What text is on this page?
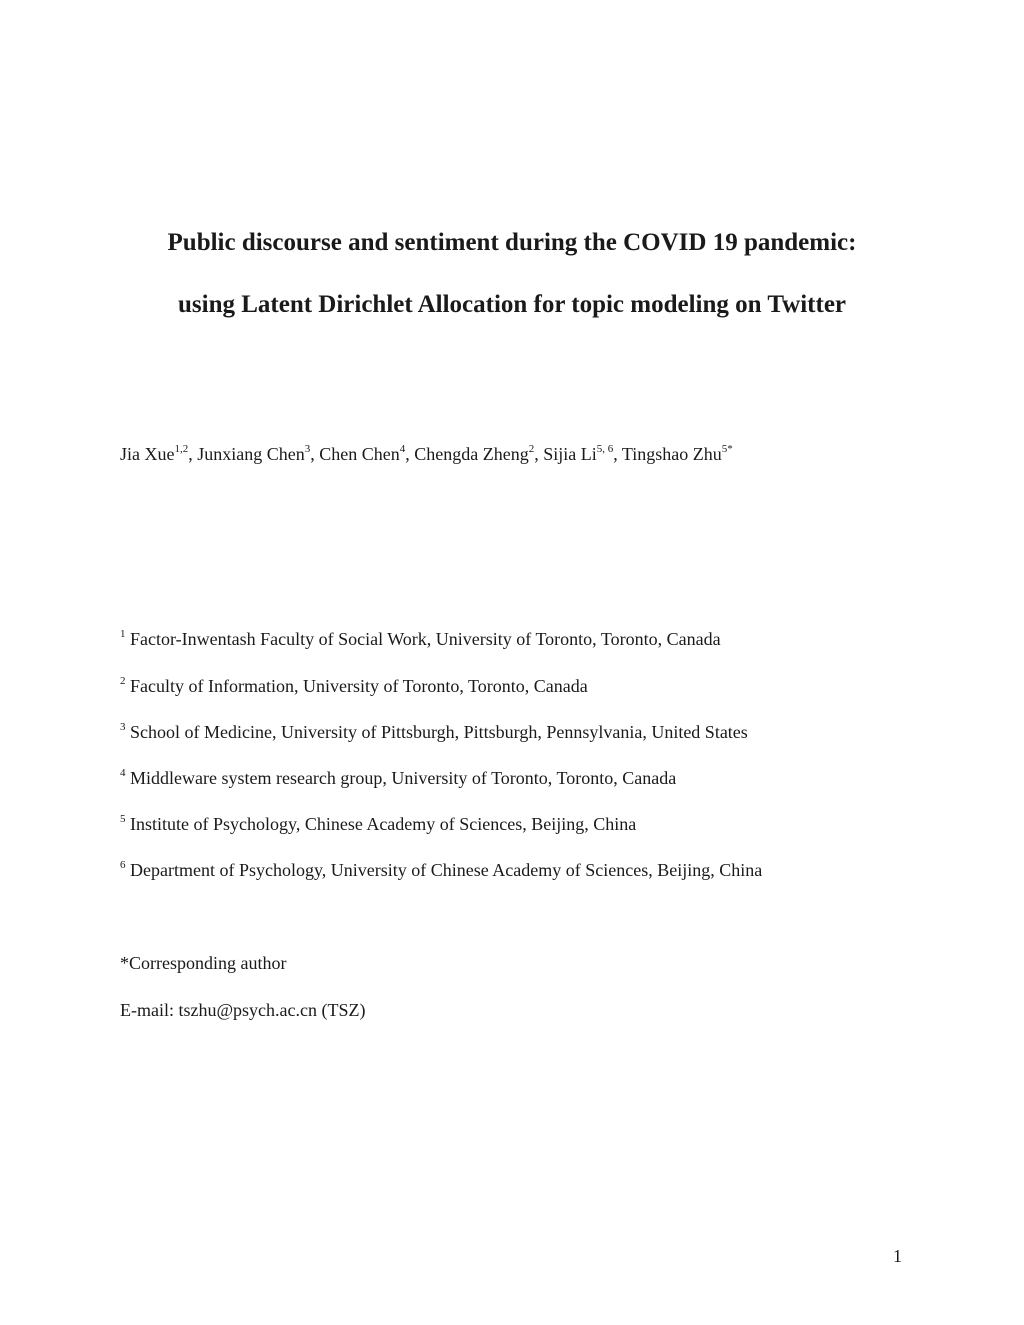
Public discourse and sentiment during the COVID 19 pandemic:
using Latent Dirichlet Allocation for topic modeling on Twitter
Jia Xue$^{1,2}$, Junxiang Chen$^3$, Chen Chen$^4$, Chengda Zheng$^2$, Sijia Li$^{5, 6}$, Tingshao Zhu$^{5*}$
$^1$ Factor-Inwentash Faculty of Social Work, University of Toronto, Toronto, Canada
$^2$ Faculty of Information, University of Toronto, Toronto, Canada
$^3$ School of Medicine, University of Pittsburgh, Pittsburgh, Pennsylvania, United States
$^4$ Middleware system research group, University of Toronto, Toronto, Canada
$^5$ Institute of Psychology, Chinese Academy of Sciences, Beijing, China
$^6$ Department of Psychology, University of Chinese Academy of Sciences, Beijing, China
*Corresponding author
E-mail: tszhu@psych.ac.cn (TSZ)
1
